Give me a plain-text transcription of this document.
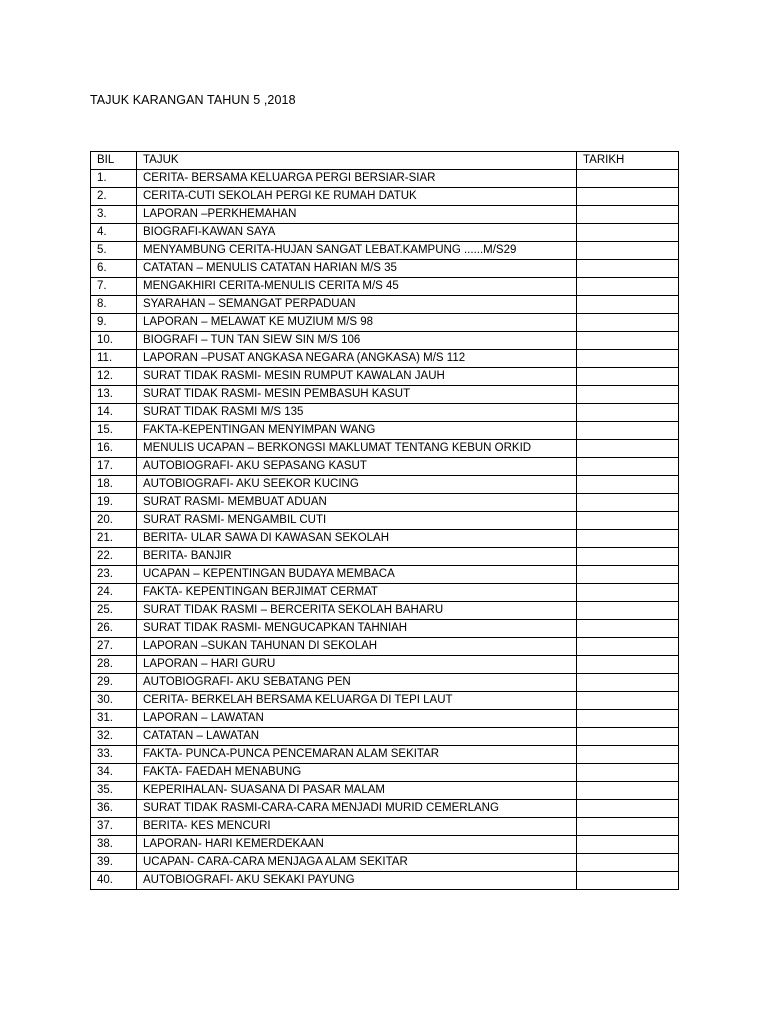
TAJUK KARANGAN TAHUN 5 ,2018
BIL	TAJUK	TARIKH
1.	CERITA- BERSAMA KELUARGA PERGI BERSIAR-SIAR	
2.	CERITA-CUTI SEKOLAH PERGI KE RUMAH DATUK	
3.	LAPORAN –PERKHEMAHAN	
4.	BIOGRAFI-KAWAN SAYA	
5.	MENYAMBUNG CERITA-HUJAN SANGAT LEBAT.KAMPUNG ......M/S29	
6.	CATATAN – MENULIS CATATAN HARIAN M/S 35	
7.	MENGAKHIRI CERITA-MENULIS CERITA M/S 45	
8.	SYARAHAN – SEMANGAT PERPADUAN	
9.	LAPORAN – MELAWAT KE MUZIUM M/S 98	
10.	BIOGRAFI – TUN TAN SIEW SIN M/S 106	
11.	LAPORAN –PUSAT ANGKASA NEGARA (ANGKASA) M/S 112	
12.	SURAT TIDAK RASMI- MESIN RUMPUT KAWALAN JAUH	
13.	SURAT TIDAK RASMI- MESIN PEMBASUH KASUT	
14.	SURAT TIDAK RASMI M/S 135	
15.	FAKTA-KEPENTINGAN MENYIMPAN WANG	
16.	MENULIS UCAPAN – BERKONGSI MAKLUMAT TENTANG KEBUN ORKID	
17.	AUTOBIOGRAFI- AKU SEPASANG KASUT	
18.	AUTOBIOGRAFI- AKU SEEKOR KUCING	
19.	SURAT RASMI- MEMBUAT ADUAN	
20.	SURAT RASMI- MENGAMBIL CUTI	
21.	BERITA- ULAR SAWA DI KAWASAN SEKOLAH	
22.	BERITA- BANJIR	
23.	UCAPAN – KEPENTINGAN BUDAYA MEMBACA	
24.	FAKTA- KEPENTINGAN BERJIMAT CERMAT	
25.	SURAT TIDAK RASMI – BERCERITA SEKOLAH BAHARU	
26.	SURAT TIDAK RASMI- MENGUCAPKAN TAHNIAH	
27.	LAPORAN –SUKAN TAHUNAN DI SEKOLAH	
28.	LAPORAN – HARI GURU	
29.	AUTOBIOGRAFI- AKU SEBATANG PEN	
30.	CERITA- BERKELAH BERSAMA KELUARGA DI TEPI LAUT	
31.	LAPORAN – LAWATAN	
32.	CATATAN – LAWATAN	
33.	FAKTA- PUNCA-PUNCA PENCEMARAN ALAM SEKITAR	
34.	FAKTA- FAEDAH MENABUNG	
35.	KEPERIHALAN- SUASANA DI PASAR MALAM	
36.	SURAT TIDAK RASMI-CARA-CARA MENJADI MURID CEMERLANG	
37.	BERITA- KES MENCURI	
38.	LAPORAN- HARI KEMERDEKAAN	
39.	UCAPAN- CARA-CARA MENJAGA ALAM SEKITAR	
40.	AUTOBIOGRAFI- AKU SEKAKI PAYUNG	
